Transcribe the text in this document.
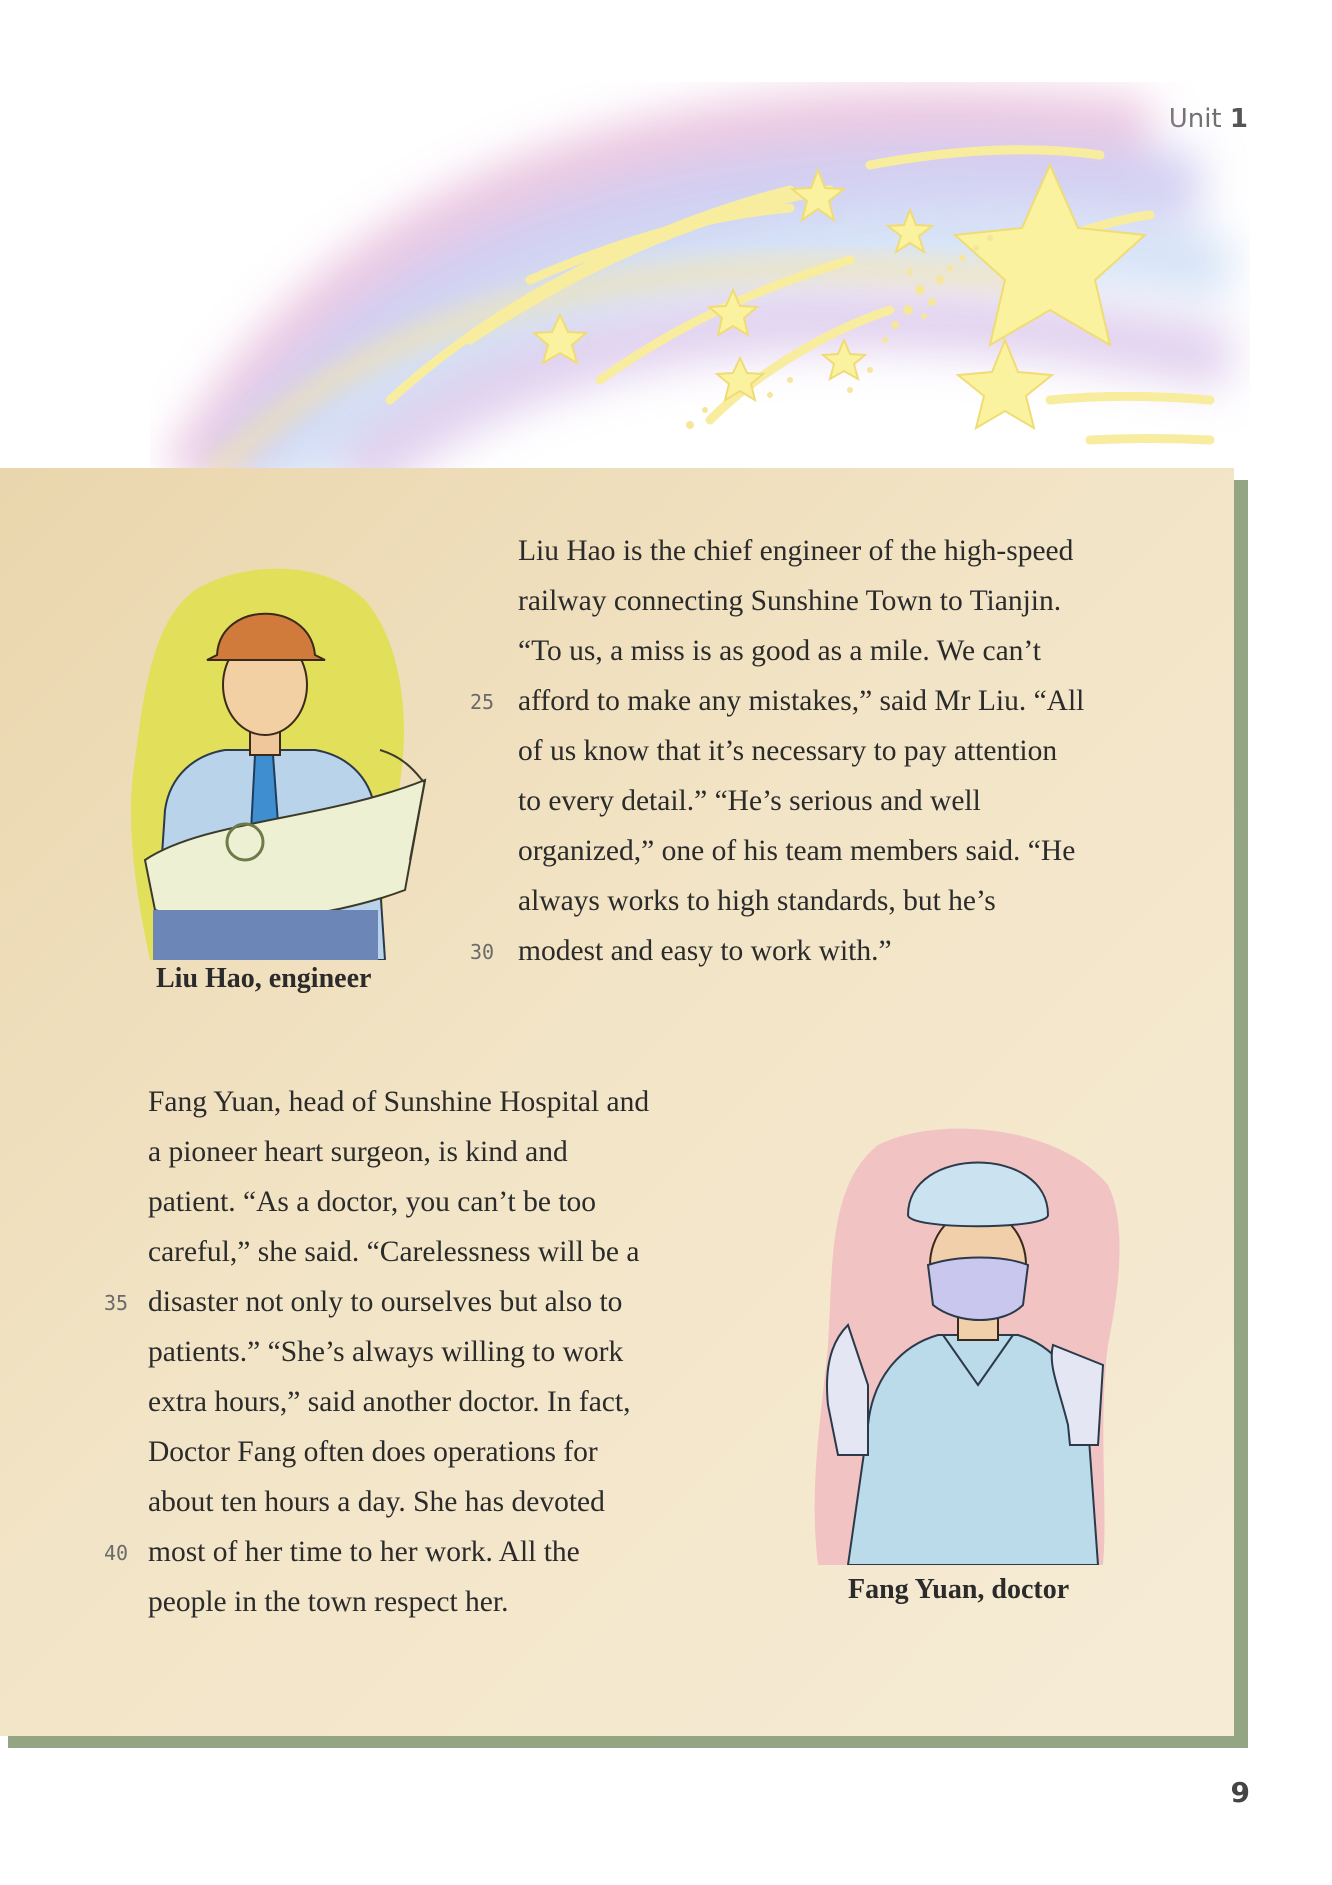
Unit 1
Liu Hao, engineer
Liu Hao is the chief engineer of the high-speed
railway connecting Sunshine Town to Tianjin.
“To us, a miss is as good as a mile. We can’t
afford to make any mistakes,” said Mr Liu. “All
of us know that it’s necessary to pay attention
to every detail.” “He’s serious and well
organized,” one of his team members said. “He
always works to high standards, but he’s
modest and easy to work with.”
25
30
Fang Yuan, head of Sunshine Hospital and
a pioneer heart surgeon, is kind and
patient. “As a doctor, you can’t be too
careful,” she said. “Carelessness will be a
disaster not only to ourselves but also to
patients.” “She’s always willing to work
extra hours,” said another doctor. In fact,
Doctor Fang often does operations for
about ten hours a day. She has devoted
most of her time to her work. All the
people in the town respect her.
35
40
Fang Yuan, doctor
9
